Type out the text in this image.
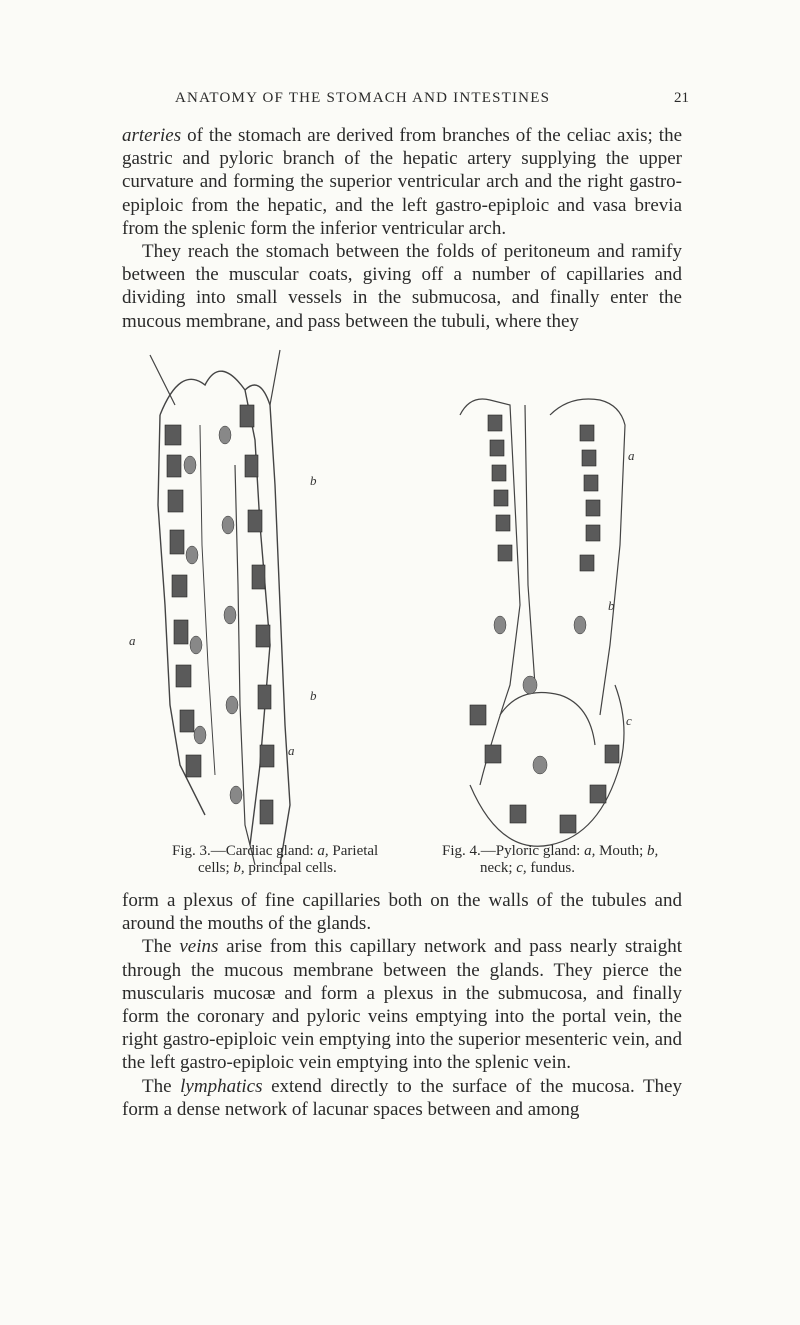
ANATOMY OF THE STOMACH AND INTESTINES	21
arteries of the stomach are derived from branches of the celiac axis; the gastric and pyloric branch of the hepatic artery supplying the upper curvature and forming the superior ventricular arch and the right gastro-epiploic from the hepatic, and the left gastro-epiploic and vasa brevia from the splenic form the inferior ventricular arch.
They reach the stomach between the folds of peritoneum and ramify between the muscular coats, giving off a number of capillaries and dividing into small vessels in the submucosa, and finally enter the mucous membrane, and pass between the tubuli, where they
a
b
b
a
a
b
c
Fig. 3.—Cardiac gland: a, Parietal
cells; b, principal cells.
Fig. 4.—Pyloric gland: a, Mouth; b,
neck; c, fundus.
form a plexus of fine capillaries both on the walls of the tubules and around the mouths of the glands.
The veins arise from this capillary network and pass nearly straight through the mucous membrane between the glands. They pierce the muscularis mucosæ and form a plexus in the submucosa, and finally form the coronary and pyloric veins emptying into the portal vein, the right gastro-epiploic vein emptying into the superior mesenteric vein, and the left gastro-epiploic vein emptying into the splenic vein.
The lymphatics extend directly to the surface of the mucosa. They form a dense network of lacunar spaces between and among
